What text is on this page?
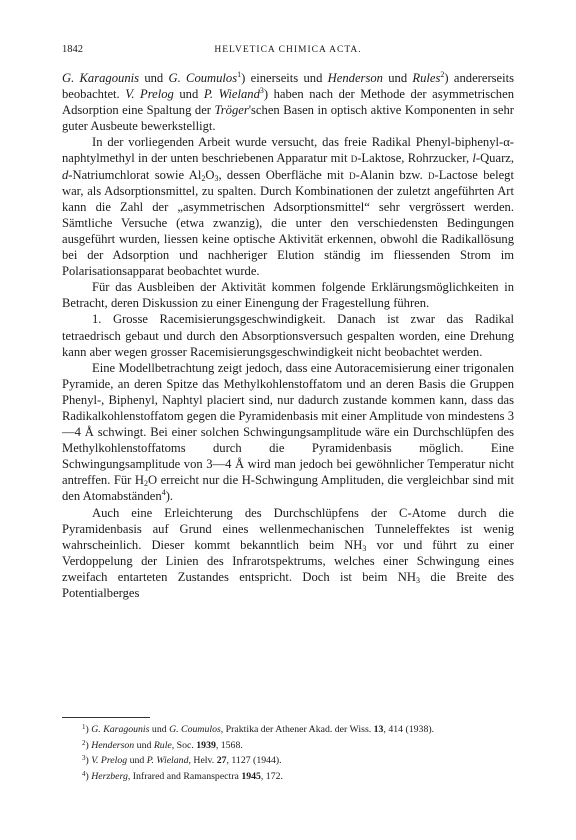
1842	HELVETICA CHIMICA ACTA.

G. Karagounis und G. Coumulos$^1$) einerseits und Henderson und Rules$^2$) andererseits beobachtet. V. Prelog und P. Wieland$^3$) haben nach der Methode der asymmetrischen Adsorption eine Spaltung der Tröger'schen Basen in optisch aktive Komponenten in sehr guter Ausbeute bewerkstelligt.

In der vorliegenden Arbeit wurde versucht, das freie Radikal Phenyl-biphenyl-α-naphtylmethyl in der unten beschriebenen Apparatur mit d-Laktose, Rohrzucker, l-Quarz, d-Natriumchlorat sowie $Al_2O_3$, dessen Oberfläche mit d-Alanin bzw. d-Lactose belegt war, als Adsorptionsmittel, zu spalten. Durch Kombinationen der zuletzt angeführten Art kann die Zahl der „asymmetrischen Adsorptionsmittel“ sehr vergrössert werden. Sämtliche Versuche (etwa zwanzig), die unter den verschiedensten Bedingungen ausgeführt wurden, liessen keine optische Aktivität erkennen, obwohl die Radikallösung bei der Adsorption und nachheriger Elution ständig im fliessenden Strom im Polarisationsapparat beobachtet wurde.

Für das Ausbleiben der Aktivität kommen folgende Erklärungsmöglichkeiten in Betracht, deren Diskussion zu einer Einengung der Fragestellung führen.

1. Grosse Racemisierungsgeschwindigkeit. Danach ist zwar das Radikal tetraedrisch gebaut und durch den Absorptionsversuch gespalten worden, eine Drehung kann aber wegen grosser Racemisierungsgeschwindigkeit nicht beobachtet werden.

Eine Modellbetrachtung zeigt jedoch, dass eine Autoracemisierung einer trigonalen Pyramide, an deren Spitze das Methylkohlenstoffatom und an deren Basis die Gruppen Phenyl-, Biphenyl, Naphtyl placiert sind, nur dadurch zustande kommen kann, dass das Radikalkohlenstoffatom gegen die Pyramidenbasis mit einer Amplitude von mindestens 3—4 Å schwingt. Bei einer solchen Schwingungsamplitude wäre ein Durchschlüpfen des Methylkohlenstoffatoms durch die Pyramidenbasis möglich. Eine Schwingungsamplitude von 3—4 Å wird man jedoch bei gewöhnlicher Temperatur nicht antreffen. Für $H_2O$ erreicht nur die H-Schwingung Amplituden, die vergleichbar sind mit den Atomabständen$^4$).

Auch eine Erleichterung des Durchschlüpfens der C-Atome durch die Pyramidenbasis auf Grund eines wellenmechanischen Tunneleffektes ist wenig wahrscheinlich. Dieser kommt bekanntlich beim $NH_3$ vor und führt zu einer Verdoppelung der Linien des Infrarotspektrums, welches einer Schwingung eines zweifach entarteten Zustandes entspricht. Doch ist beim $NH_3$ die Breite des Potentialberges

$^1$) G. Karagounis und G. Coumulos, Praktika der Athener Akad. der Wiss. 13, 414 (1938).

$^2$) Henderson und Rule, Soc. 1939, 1568.

$^3$) V. Prelog und P. Wieland, Helv. 27, 1127 (1944).

$^4$) Herzberg, Infrared and Ramanspectra 1945, 172.
